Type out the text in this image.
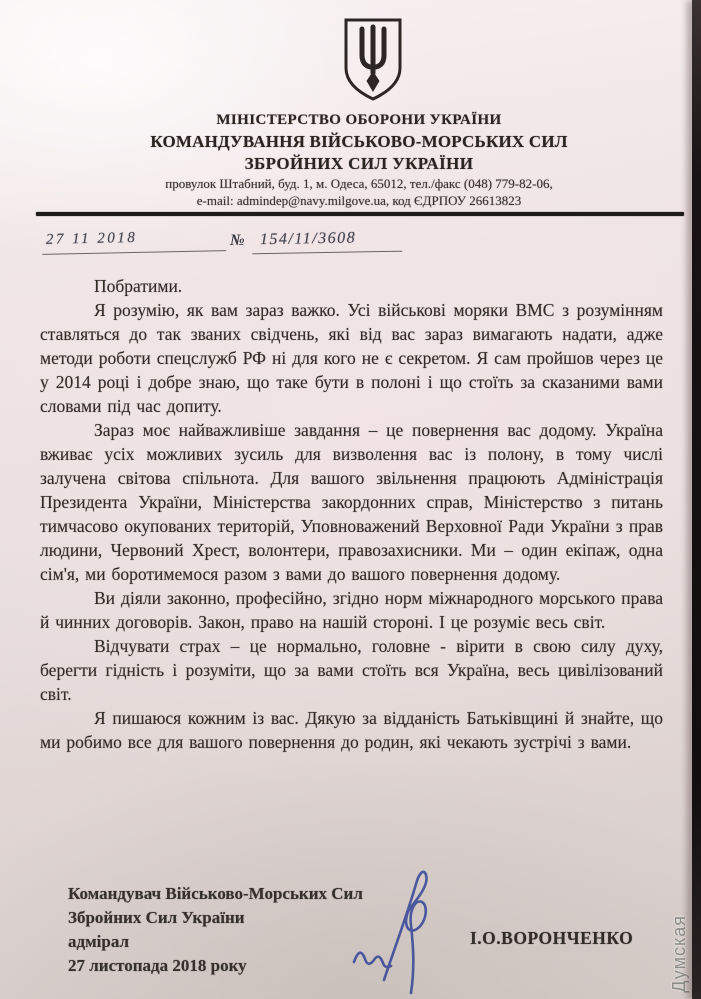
МІНІСТЕРСТВО ОБОРОНИ УКРАЇНИ
КОМАНДУВАННЯ ВІЙСЬКОВО-МОРСЬКИХ СИЛ
ЗБРОЙНИХ СИЛ УКРАЇНИ
провулок Штабний, буд. 1, м. Одеса, 65012, тел./факс (048) 779-82-06,
e-mail: admindep@navy.milgove.ua, код ЄДРПОУ 26613823
27 11 2018	№ 154/11/3608

Побратими.

Я розумію, як вам зараз важко. Усі військові моряки ВМС з розумінням ставляться до так званих свідчень, які від вас зараз вимагають надати, адже методи роботи спецслужб РФ ні для кого не є секретом. Я сам пройшов через це у 2014 році і добре знаю, що таке бути в полоні і що стоїть за сказаними вами словами під час допиту.

Зараз моє найважливіше завдання – це повернення вас додому. Україна вживає усіх можливих зусиль для визволення вас із полону, в тому числі залучена світова спільнота. Для вашого звільнення працюють Адміністрація Президента України, Міністерства закордонних справ, Міністерство з питань тимчасово окупованих територій, Уповноважений Верховної Ради України з прав людини, Червоний Хрест, волонтери, правозахисники. Ми – один екіпаж, одна сім'я, ми боротимемося разом з вами до вашого повернення додому.

Ви діяли законно, професійно, згідно норм міжнародного морського права й чинних договорів. Закон, право на нашій стороні. І це розуміє весь світ.

Відчувати страх – це нормально, головне - вірити в свою силу духу, берегти гідність і розуміти, що за вами стоїть вся Україна, весь цивілізований світ.

Я пишаюся кожним із вас. Дякую за відданість Батьківщині й знайте, що ми робимо все для вашого повернення до родин, які чекають зустрічі з вами.

Командувач Військово-Морських Сил
Збройних Сил України
адмірал
27 листопада 2018 року
І.О.ВОРОНЧЕНКО Думская
